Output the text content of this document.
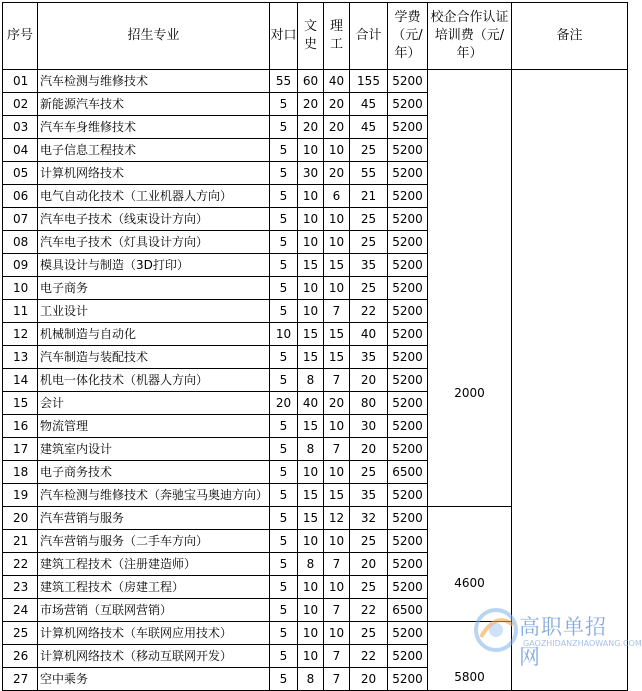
序号	招生专业	对口	文史	理工	合计	学费（元/年）	校企合作认证培训费（元/年）	备注
01	汽车检测与维修技术	55	60	40	155	5200	2000	
02	新能源汽车技术	5	20	20	45	5200		
03	汽车车身维修技术	5	20	20	45	5200		
04	电子信息工程技术	5	10	10	25	5200		
05	计算机网络技术	5	30	20	55	5200		
06	电气自动化技术（工业机器人方向）	5	10	6	21	5200		
07	汽车电子技术（线束设计方向）	5	10	10	25	5200		
08	汽车电子技术（灯具设计方向）	5	10	10	25	5200		
09	模具设计与制造（3D打印）	5	15	15	35	5200		
10	电子商务	5	10	10	25	5200		
11	工业设计	5	10	7	22	5200		
12	机械制造与自动化	10	15	15	40	5200		
13	汽车制造与装配技术	5	15	15	35	5200		
14	机电一体化技术（机器人方向）	5	8	7	20	5200		
15	会计	20	40	20	80	5200		
16	物流管理	5	15	10	30	5200		
17	建筑室内设计	5	8	7	20	5200		
18	电子商务技术	5	10	10	25	6500		
19	汽车检测与维修技术（奔驰宝马奥迪方向）	5	15	15	35	5200		
20	汽车营销与服务	5	15	12	32	5200	4600	
21	汽车营销与服务（二手车方向）	5	10	10	25	5200		
22	建筑工程技术（注册建造师）	5	8	7	20	5200		
23	建筑工程技术（房建工程）	5	10	10	25	5200		
24	市场营销（互联网营销）	5	10	7	22	6500		
25	计算机网络技术（车联网应用技术）	5	10	10	25	5200	5800	
26	计算机网络技术（移动互联网开发）	5	10	7	22	5200		
27	空中乘务	5	8	7	20	5200		
高职单招网
GAOZHIDANZHAOWANG.COM
